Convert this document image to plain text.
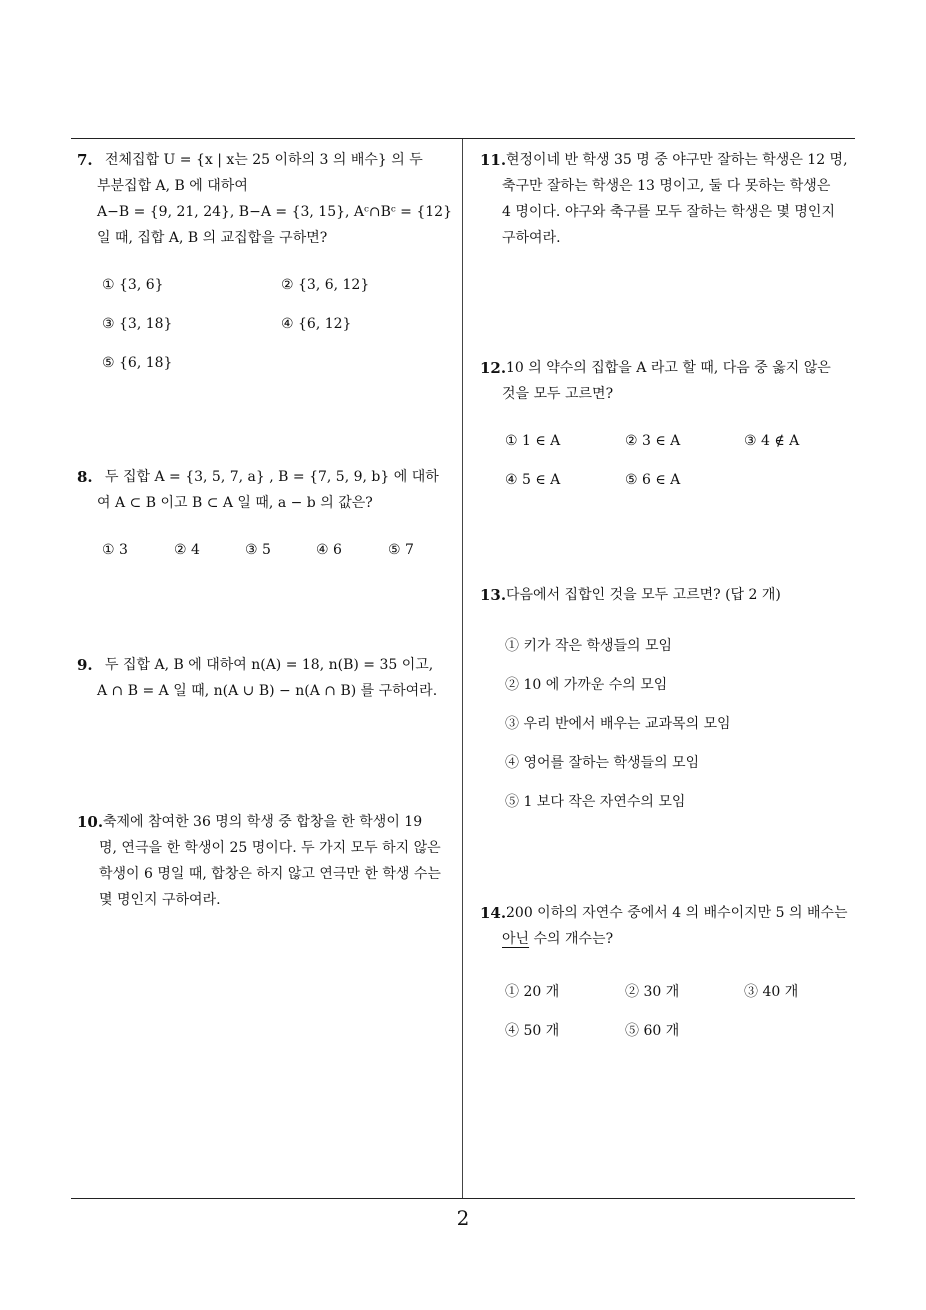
7. 전체집합 U = {x | x는 25 이하의 3 의 배수} 의 두
부분집합 A, B 에 대하여
A−B = {9, 21, 24}, B−A = {3, 15}, Aᶜ∩Bᶜ = {12}
일 때, 집합 A, B 의 교집합을 구하면?
① {3, 6}	② {3, 6, 12}
③ {3, 18}	④ {6, 12}
⑤ {6, 18}
8. 두 집합 A = {3, 5, 7, a} , B = {7, 5, 9, b} 에 대하
여 A ⊂ B 이고 B ⊂ A 일 때, a − b 의 값은?
① 3	② 4	③ 5	④ 6	⑤ 7
9. 두 집합 A, B 에 대하여 n(A) = 18, n(B) = 35 이고,
A ∩ B = A 일 때, n(A ∪ B) − n(A ∩ B) 를 구하여라.
10. 축제에 참여한 36 명의 학생 중 합창을 한 학생이 19
명, 연극을 한 학생이 25 명이다. 두 가지 모두 하지 않은
학생이 6 명일 때, 합창은 하지 않고 연극만 한 학생 수는
몇 명인지 구하여라.
11. 현정이네 반 학생 35 명 중 야구만 잘하는 학생은 12 명,
축구만 잘하는 학생은 13 명이고, 둘 다 못하는 학생은
4 명이다. 야구와 축구를 모두 잘하는 학생은 몇 명인지
구하여라.
12. 10 의 약수의 집합을 A 라고 할 때, 다음 중 옳지 않은
것을 모두 고르면?
① 1 ∈ A	② 3 ∈ A	③ 4 ∉ A
④ 5 ∈ A	⑤ 6 ∈ A
13. 다음에서 집합인 것을 모두 고르면? (답 2 개)
① 키가 작은 학생들의 모임
② 10 에 가까운 수의 모임
③ 우리 반에서 배우는 교과목의 모임
④ 영어를 잘하는 학생들의 모임
⑤ 1 보다 작은 자연수의 모임
14. 200 이하의 자연수 중에서 4 의 배수이지만 5 의 배수는
아닌 수의 개수는?
① 20 개	② 30 개	③ 40 개
④ 50 개	⑤ 60 개
2
